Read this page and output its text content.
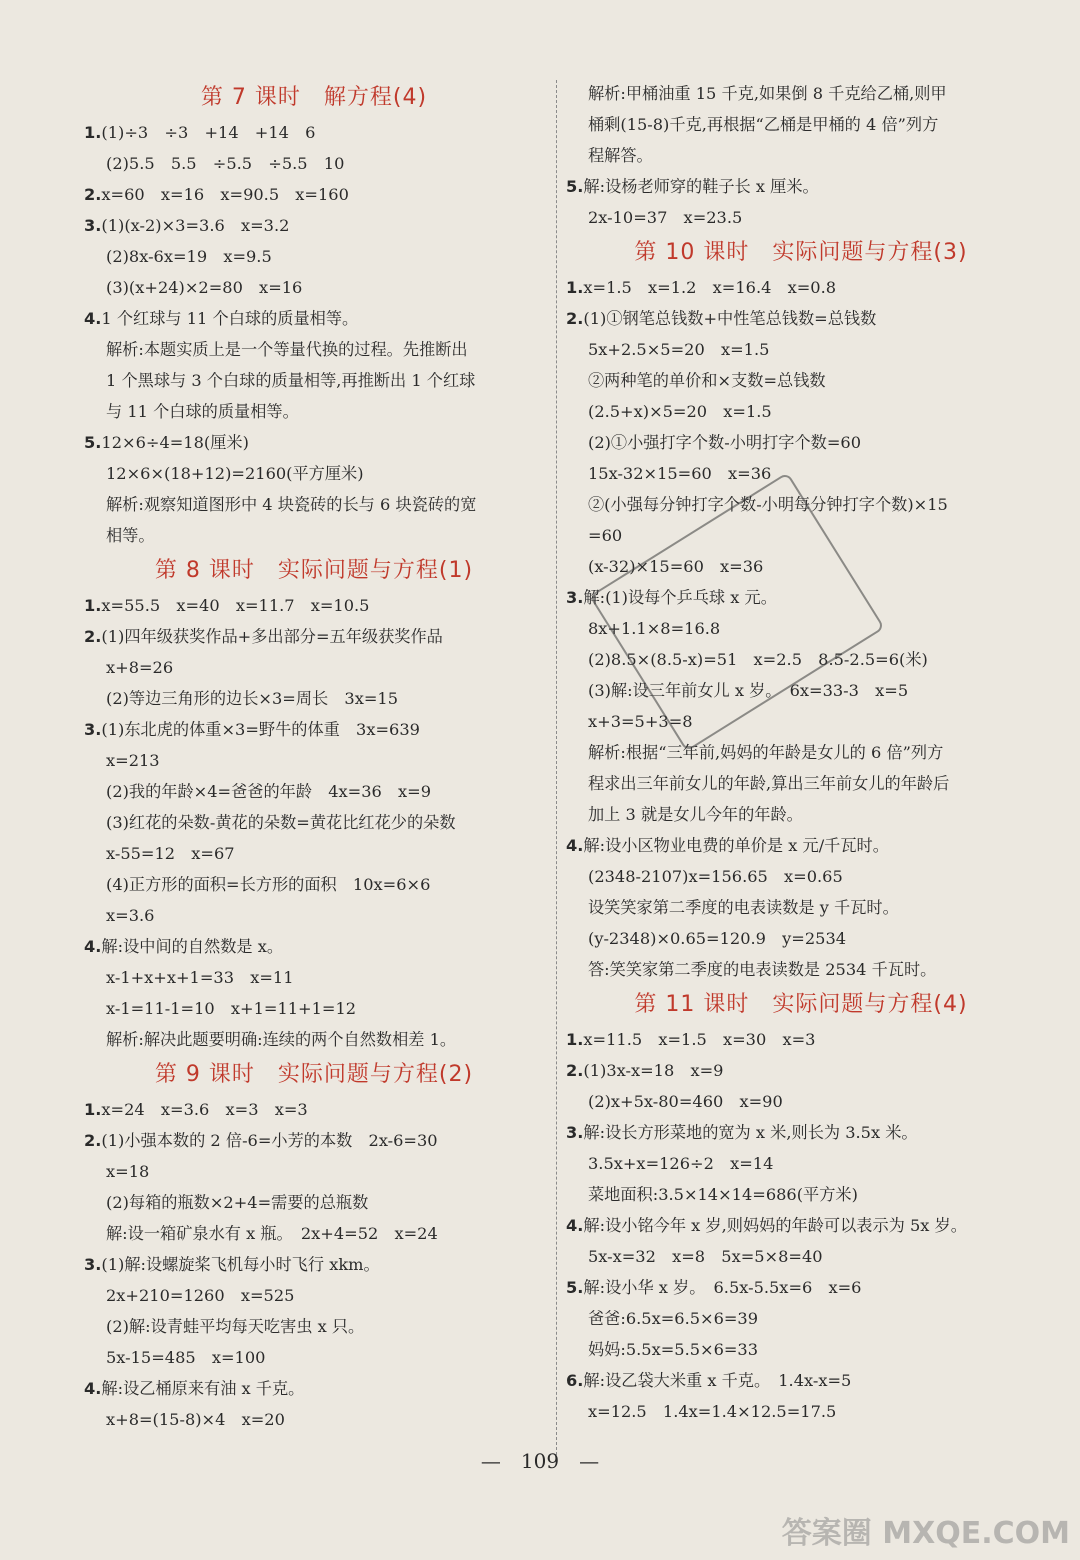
第 7 课时　解方程(4)
1.(1)÷3　÷3　+14　+14　6
(2)5.5　5.5　÷5.5　÷5.5　10
2.x=60　x=16　x=90.5　x=160
3.(1)(x-2)×3=3.6　x=3.2
(2)8x-6x=19　x=9.5
(3)(x+24)×2=80　x=16
4.1 个红球与 11 个白球的质量相等。
解析:本题实质上是一个等量代换的过程。先推断出
1 个黑球与 3 个白球的质量相等,再推断出 1 个红球
与 11 个白球的质量相等。
5.12×6÷4=18(厘米)
12×6×(18+12)=2160(平方厘米)
解析:观察知道图形中 4 块瓷砖的长与 6 块瓷砖的宽
相等。
第 8 课时　实际问题与方程(1)
1.x=55.5　x=40　x=11.7　x=10.5
2.(1)四年级获奖作品+多出部分=五年级获奖作品
x+8=26
(2)等边三角形的边长×3=周长　3x=15
3.(1)东北虎的体重×3=野牛的体重　3x=639
x=213
(2)我的年龄×4=爸爸的年龄　4x=36　x=9
(3)红花的朵数-黄花的朵数=黄花比红花少的朵数
x-55=12　x=67
(4)正方形的面积=长方形的面积　10x=6×6
x=3.6
4.解:设中间的自然数是 x。
x-1+x+x+1=33　x=11
x-1=11-1=10　x+1=11+1=12
解析:解决此题要明确:连续的两个自然数相差 1。
第 9 课时　实际问题与方程(2)
1.x=24　x=3.6　x=3　x=3
2.(1)小强本数的 2 倍-6=小芳的本数　2x-6=30
x=18
(2)每箱的瓶数×2+4=需要的总瓶数
解:设一箱矿泉水有 x 瓶。　2x+4=52　x=24
3.(1)解:设螺旋桨飞机每小时飞行 xkm。
2x+210=1260　x=525
(2)解:设青蛙平均每天吃害虫 x 只。
5x-15=485　x=100
4.解:设乙桶原来有油 x 千克。
x+8=(15-8)×4　x=20
解析:甲桶油重 15 千克,如果倒 8 千克给乙桶,则甲
桶剩(15-8)千克,再根据“乙桶是甲桶的 4 倍”列方
程解答。
5.解:设杨老师穿的鞋子长 x 厘米。
2x-10=37　x=23.5
第 10 课时　实际问题与方程(3)
1.x=1.5　x=1.2　x=16.4　x=0.8
2.(1)①钢笔总钱数+中性笔总钱数=总钱数
5x+2.5×5=20　x=1.5
②两种笔的单价和×支数=总钱数
(2.5+x)×5=20　x=1.5
(2)①小强打字个数-小明打字个数=60
15x-32×15=60　x=36
②(小强每分钟打字个数-小明每分钟打字个数)×15
=60
(x-32)×15=60　x=36
3.解:(1)设每个乒乓球 x 元。
8x+1.1×8=16.8
(2)8.5×(8.5-x)=51　x=2.5　8.5-2.5=6(米)
(3)解:设三年前女儿 x 岁。　6x=33-3　x=5
x+3=5+3=8
解析:根据“三年前,妈妈的年龄是女儿的 6 倍”列方
程求出三年前女儿的年龄,算出三年前女儿的年龄后
加上 3 就是女儿今年的年龄。
4.解:设小区物业电费的单价是 x 元/千瓦时。
(2348-2107)x=156.65　x=0.65
设笑笑家第二季度的电表读数是 y 千瓦时。
(y-2348)×0.65=120.9　y=2534
答:笑笑家第二季度的电表读数是 2534 千瓦时。
第 11 课时　实际问题与方程(4)
1.x=11.5　x=1.5　x=30　x=3
2.(1)3x-x=18　x=9
(2)x+5x-80=460　x=90
3.解:设长方形菜地的宽为 x 米,则长为 3.5x 米。
3.5x+x=126÷2　x=14
菜地面积:3.5×14×14=686(平方米)
4.解:设小铭今年 x 岁,则妈妈的年龄可以表示为 5x 岁。
5x-x=32　x=8　5x=5×8=40
5.解:设小华 x 岁。　6.5x-5.5x=6　x=6
爸爸:6.5x=6.5×6=39
妈妈:5.5x=5.5×6=33
6.解:设乙袋大米重 x 千克。　1.4x-x=5
x=12.5　1.4x=1.4×12.5=17.5
—　109　—
答案圈 MXQE.COM
